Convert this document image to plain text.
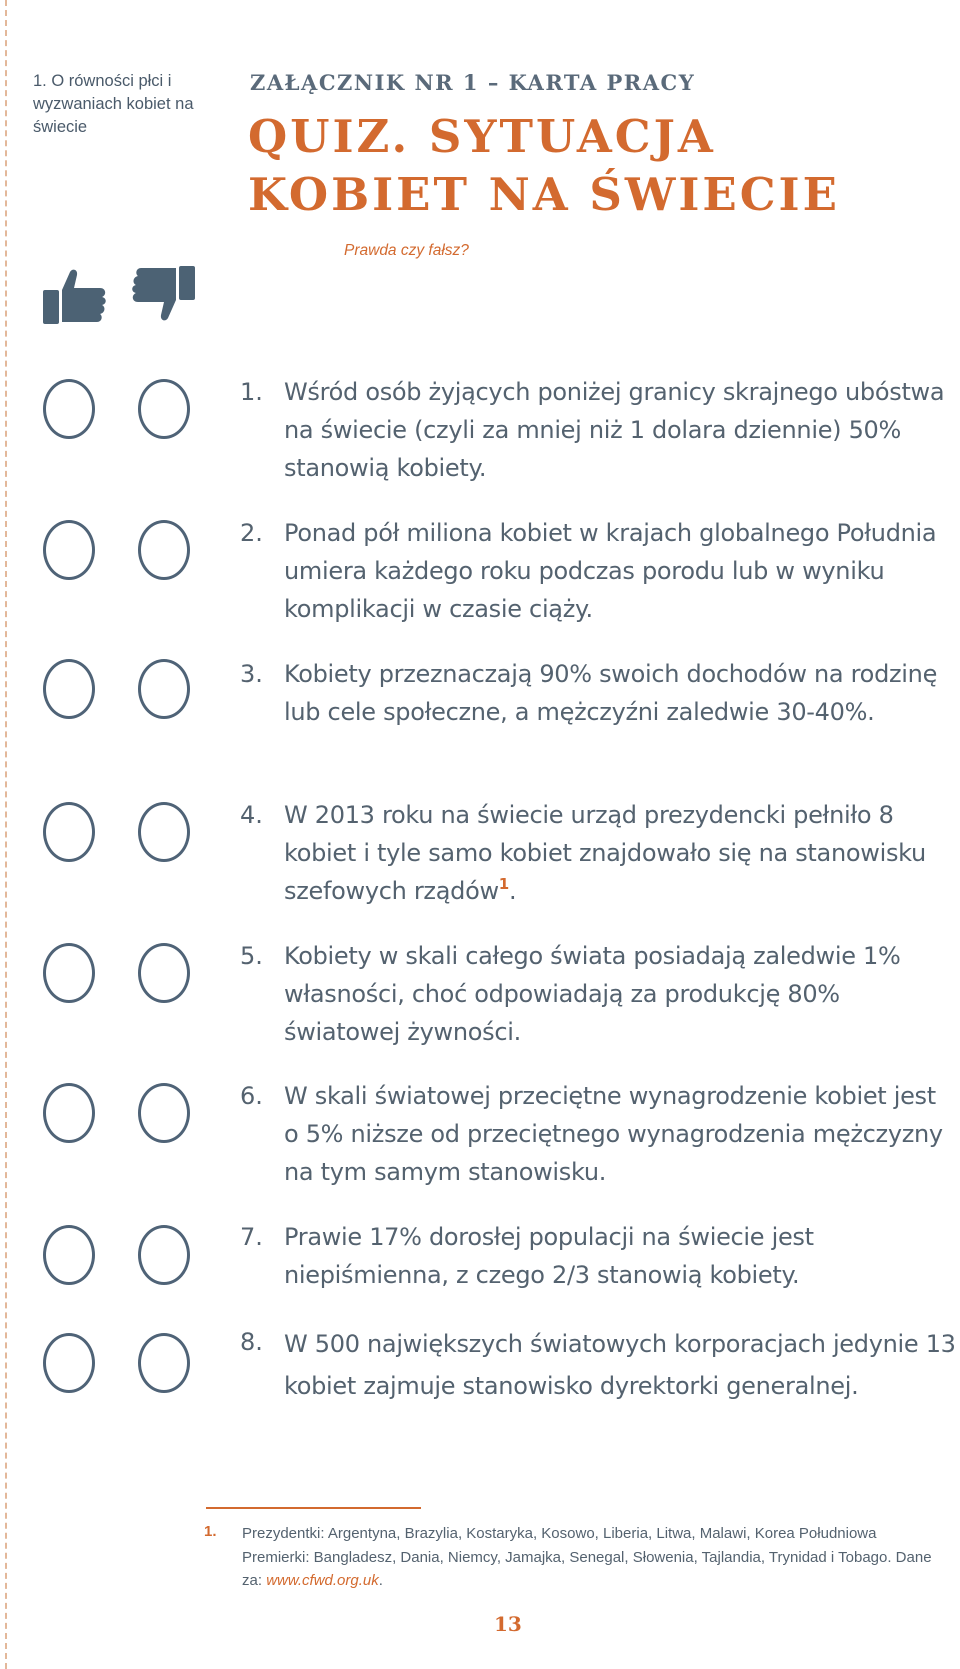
1. O równości płci i wyzwaniach kobiet na świecie
ZAŁĄCZNIK NR 1 – KARTA PRACY
QUIZ. SYTUACJA KOBIET NA ŚWIECIE
Prawda czy fałsz?
1. Wśród osób żyjących poniżej granicy skrajnego ubóstwa na świecie (czyli za mniej niż 1 dolara dziennie) 50% stanowią kobiety.
2. Ponad pół miliona kobiet w krajach globalnego Południa umiera każdego roku podczas porodu lub w wyniku komplikacji w czasie ciąży.
3. Kobiety przeznaczają 90% swoich dochodów na rodzinę lub cele społeczne, a mężczyźni zaledwie 30-40%.
4. W 2013 roku na świecie urząd prezydencki pełniło 8 kobiet i tyle samo kobiet znajdowało się na stanowisku szefowych rządów$^1$.
5. Kobiety w skali całego świata posiadają zaledwie 1% własności, choć odpowiadają za produkcję 80% światowej żywności.
6. W skali światowej przeciętne wynagrodzenie kobiet jest o 5% niższe od przeciętnego wynagrodzenia mężczyzny na tym samym stanowisku.
7. Prawie 17% dorosłej populacji na świecie jest niepiśmienna, z czego 2/3 stanowią kobiety.
8. W 500 największych światowych korporacjach jedynie 13 kobiet zajmuje stanowisko dyrektorki generalnej.
1. Prezydentki: Argentyna, Brazylia, Kostaryka, Kosowo, Liberia, Litwa, Malawi, Korea Południowa Premierki: Bangladesz, Dania, Niemcy, Jamajka, Senegal, Słowenia, Tajlandia, Trynidad i Tobago. Dane za: www.cfwd.org.uk.
13
